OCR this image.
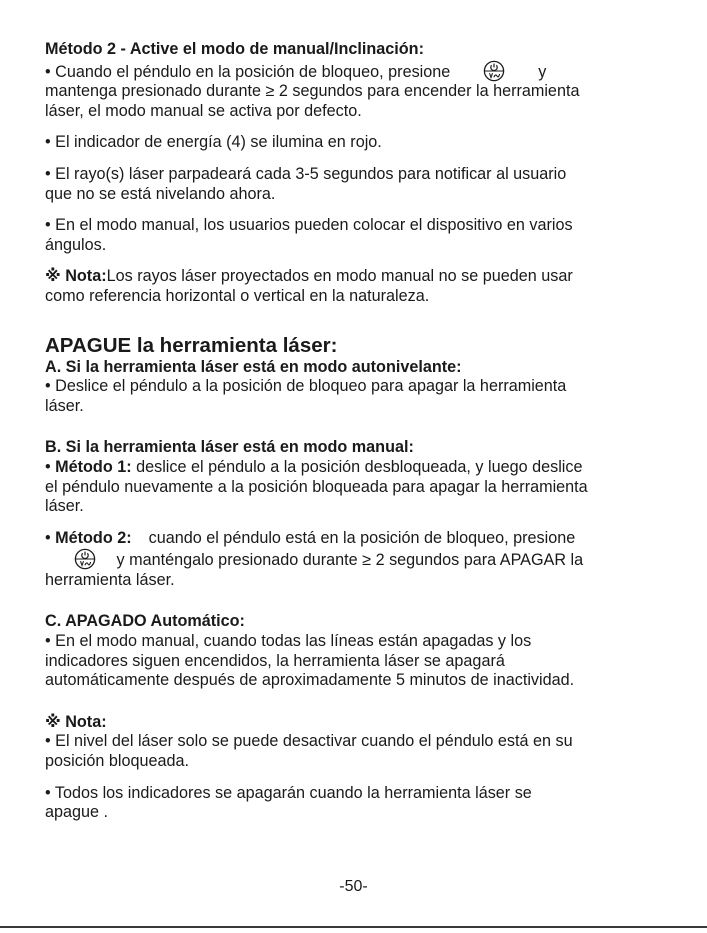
Método 2 - Active el modo de manual/Inclinación:

• Cuando el péndulo en la posición de bloqueo, presione	y
mantenga presionado durante ≥ 2 segundos para encender la herramienta
láser, el modo manual se activa por defecto.

• El indicador de energía (4) se ilumina en rojo.

• El rayo(s) láser parpadeará cada 3-5 segundos para notificar al usuario
que no se está nivelando ahora.

• En el modo manual, los usuarios pueden colocar el dispositivo en varios
ángulos.

※ Nota:Los rayos láser proyectados en modo manual no se pueden usar
como referencia horizontal o vertical en la naturaleza.

APAGUE la herramienta láser:

A. Si la herramienta láser está en modo autonivelante:

• Deslice el péndulo a la posición de bloqueo para apagar la herramienta
láser.

B. Si la herramienta láser está en modo manual:

• Método 1: deslice el péndulo a la posición desbloqueada, y luego deslice
el péndulo nuevamente a la posición bloqueada para apagar la herramienta
láser.

• Método 2: cuando el péndulo está en la posición de bloqueo, presione
y manténgalo presionado durante ≥ 2 segundos para APAGAR la
herramienta láser.

C. APAGADO Automático:

• En el modo manual, cuando todas las líneas están apagadas y los
indicadores siguen encendidos, la herramienta láser se apagará
automáticamente después de aproximadamente 5 minutos de inactividad.

※ Nota:

• El nivel del láser solo se puede desactivar cuando el péndulo está en su
posición bloqueada.

• Todos los indicadores se apagarán cuando la herramienta láser se
apague .

-50-
